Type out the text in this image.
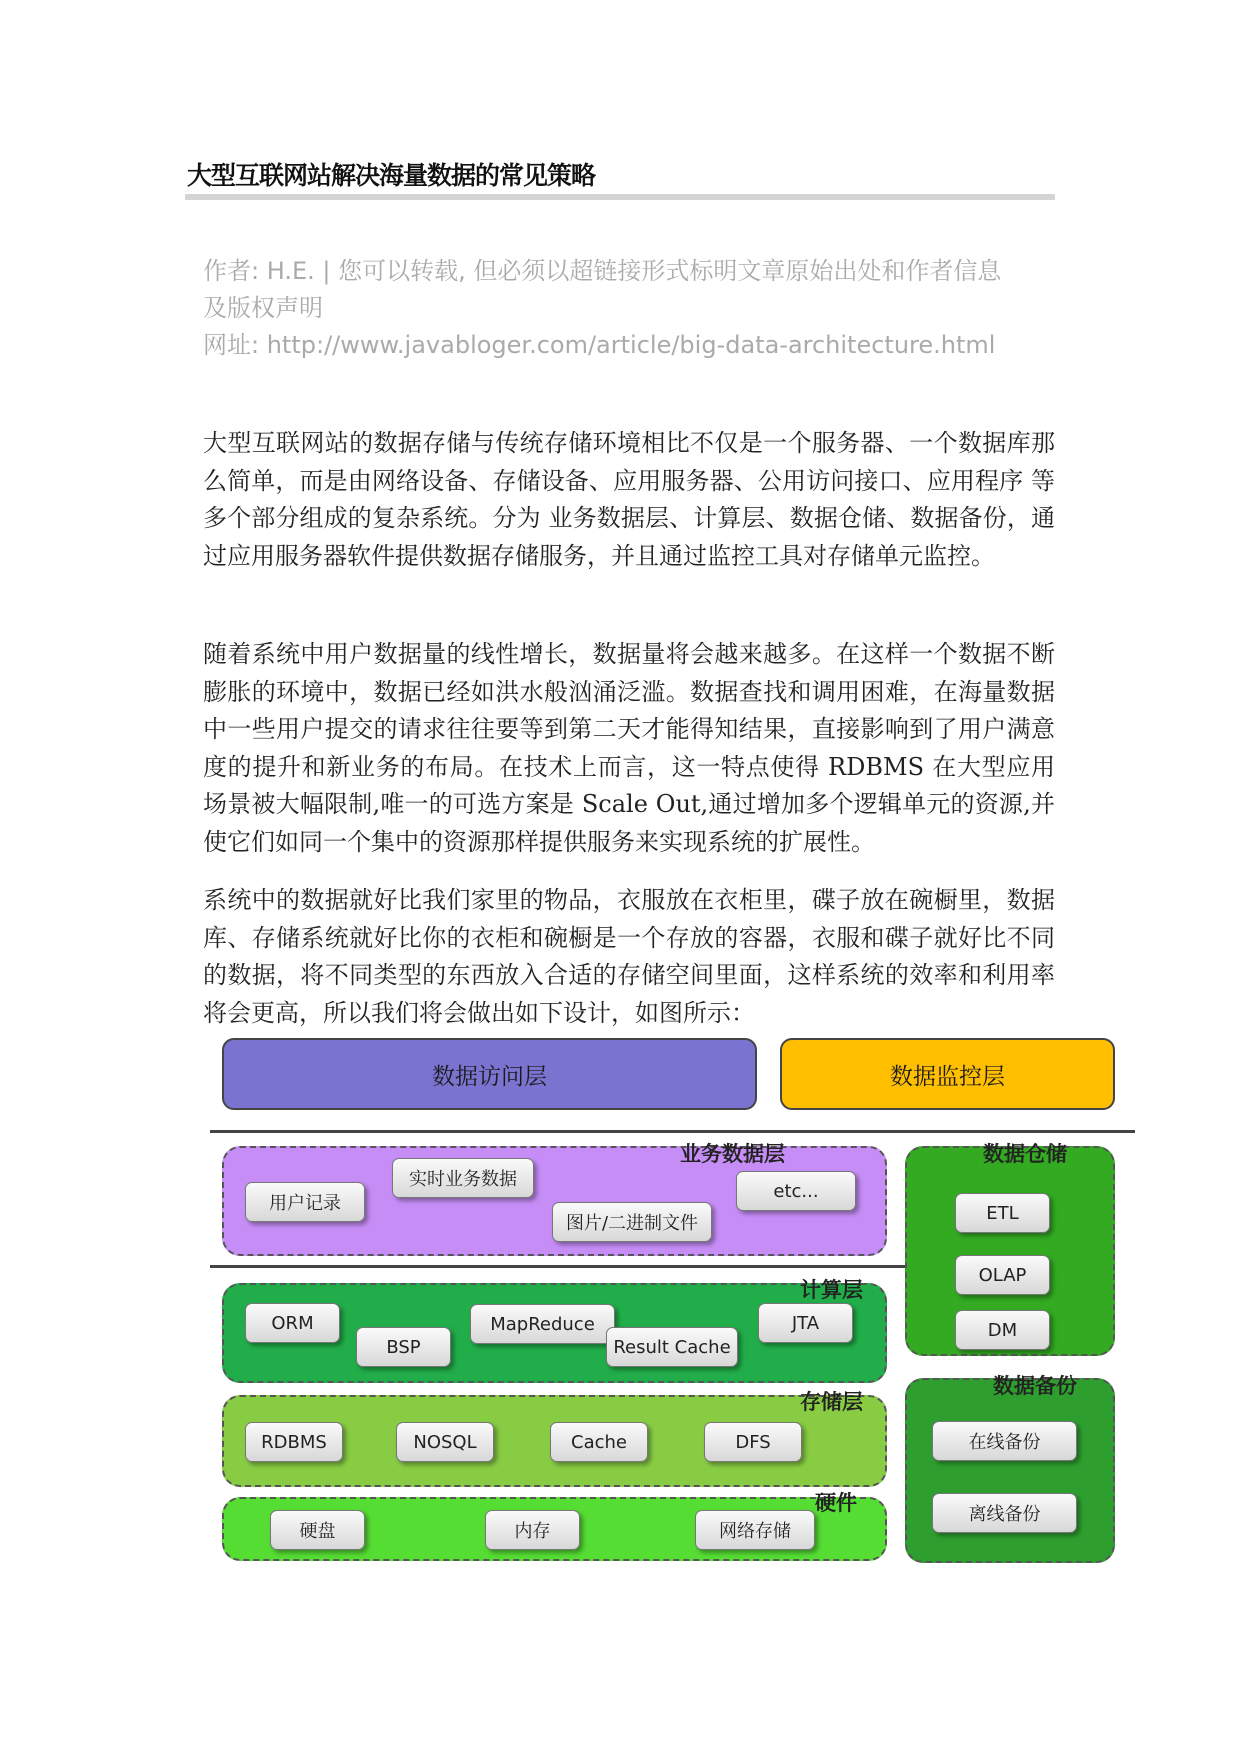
大型互联网站解决海量数据的常见策略
作者: H.E. | 您可以转载, 但必须以超链接形式标明文章原始出处和作者信息
及版权声明
网址: http://www.javabloger.com/article/big-data-architecture.html
大型互联网站的数据存储与传统存储环境相比不仅是一个服务器、一个数据库那么简单，而是由网络设备、存储设备、应用服务器、公用访问接口、应用程序 等多个部分组成的复杂系统。分为 业务数据层、计算层、数据仓储、数据备份，通过应用服务器软件提供数据存储服务，并且通过监控工具对存储单元监控。
随着系统中用户数据量的线性增长，数据量将会越来越多。在这样一个数据不断膨胀的环境中，数据已经如洪水般汹涌泛滥。数据查找和调用困难，在海量数据中一些用户提交的请求往往要等到第二天才能得知结果，直接影响到了用户满意度的提升和新业务的布局。在技术上而言，这一特点使得 RDBMS 在大型应用场景被大幅限制,唯一的可选方案是 Scale Out,通过增加多个逻辑单元的资源,并使它们如同一个集中的资源那样提供服务来实现系统的扩展性。
系统中的数据就好比我们家里的物品，衣服放在衣柜里，碟子放在碗橱里，数据库、存储系统就好比你的衣柜和碗橱是一个存放的容器，衣服和碟子就好比不同的数据，将不同类型的东西放入合适的存储空间里面，这样系统的效率和利用率将会更高，所以我们将会做出如下设计，如图所示：
数据访问层	数据监控层
业务数据层
用户记录
实时业务数据
图片/二进制文件
etc...
计算层
ORM
BSP
MapReduce
Result Cache
JTA
存储层
RDBMS	NOSQL	Cache	DFS
硬件
硬盘	内存	网络存储
数据仓储
ETL
OLAP
DM
数据备份
在线备份
离线备份
